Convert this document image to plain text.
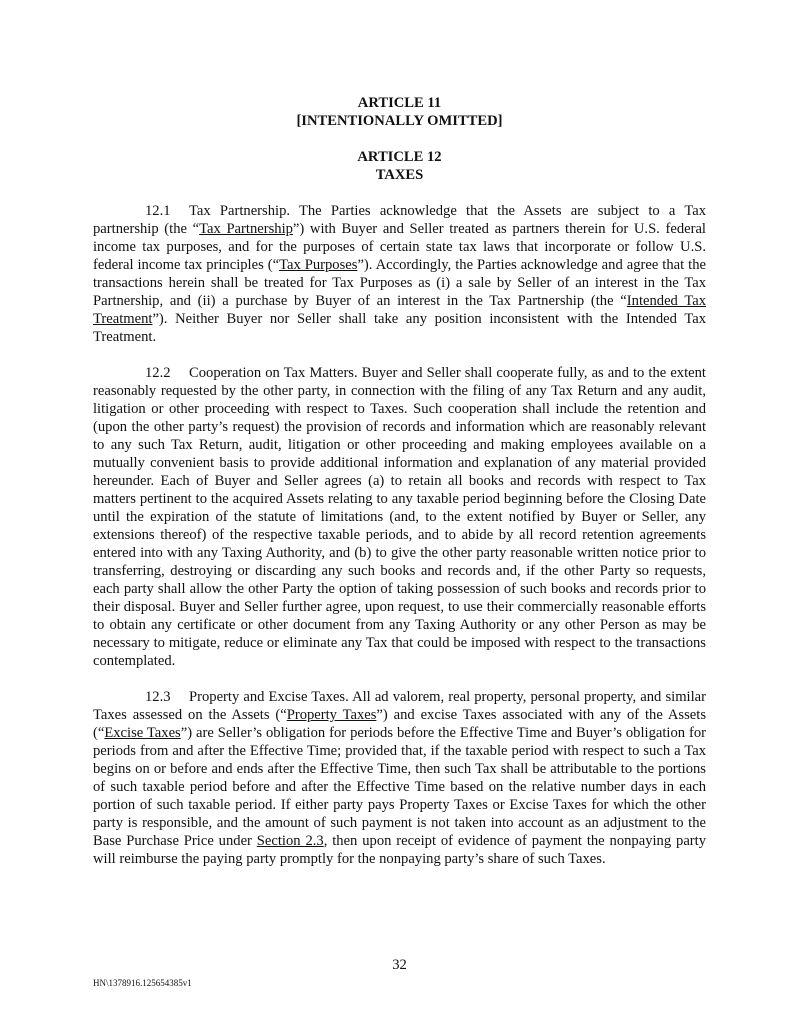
ARTICLE 11

[INTENTIONALLY OMITTED]

ARTICLE 12

TAXES

12.1 Tax Partnership. The Parties acknowledge that the Assets are subject to a Tax partnership (the “Tax Partnership”) with Buyer and Seller treated as partners therein for U.S. federal income tax purposes, and for the purposes of certain state tax laws that incorporate or follow U.S. federal income tax principles (“Tax Purposes”). Accordingly, the Parties acknowledge and agree that the transactions herein shall be treated for Tax Purposes as (i) a sale by Seller of an interest in the Tax Partnership, and (ii) a purchase by Buyer of an interest in the Tax Partnership (the “Intended Tax Treatment”). Neither Buyer nor Seller shall take any position inconsistent with the Intended Tax Treatment.

12.2 Cooperation on Tax Matters. Buyer and Seller shall cooperate fully, as and to the extent reasonably requested by the other party, in connection with the filing of any Tax Return and any audit, litigation or other proceeding with respect to Taxes. Such cooperation shall include the retention and (upon the other party’s request) the provision of records and information which are reasonably relevant to any such Tax Return, audit, litigation or other proceeding and making employees available on a mutually convenient basis to provide additional information and explanation of any material provided hereunder. Each of Buyer and Seller agrees (a) to retain all books and records with respect to Tax matters pertinent to the acquired Assets relating to any taxable period beginning before the Closing Date until the expiration of the statute of limitations (and, to the extent notified by Buyer or Seller, any extensions thereof) of the respective taxable periods, and to abide by all record retention agreements entered into with any Taxing Authority, and (b) to give the other party reasonable written notice prior to transferring, destroying or discarding any such books and records and, if the other Party so requests, each party shall allow the other Party the option of taking possession of such books and records prior to their disposal. Buyer and Seller further agree, upon request, to use their commercially reasonable efforts to obtain any certificate or other document from any Taxing Authority or any other Person as may be necessary to mitigate, reduce or eliminate any Tax that could be imposed with respect to the transactions contemplated.

12.3 Property and Excise Taxes. All ad valorem, real property, personal property, and similar Taxes assessed on the Assets (“Property Taxes”) and excise Taxes associated with any of the Assets (“Excise Taxes”) are Seller’s obligation for periods before the Effective Time and Buyer’s obligation for periods from and after the Effective Time; provided that, if the taxable period with respect to such a Tax begins on or before and ends after the Effective Time, then such Tax shall be attributable to the portions of such taxable period before and after the Effective Time based on the relative number days in each portion of such taxable period. If either party pays Property Taxes or Excise Taxes for which the other party is responsible, and the amount of such payment is not taken into account as an adjustment to the Base Purchase Price under Section 2.3, then upon receipt of evidence of payment the nonpaying party will reimburse the paying party promptly for the nonpaying party’s share of such Taxes.

32
HN\1378916.125654385v1
